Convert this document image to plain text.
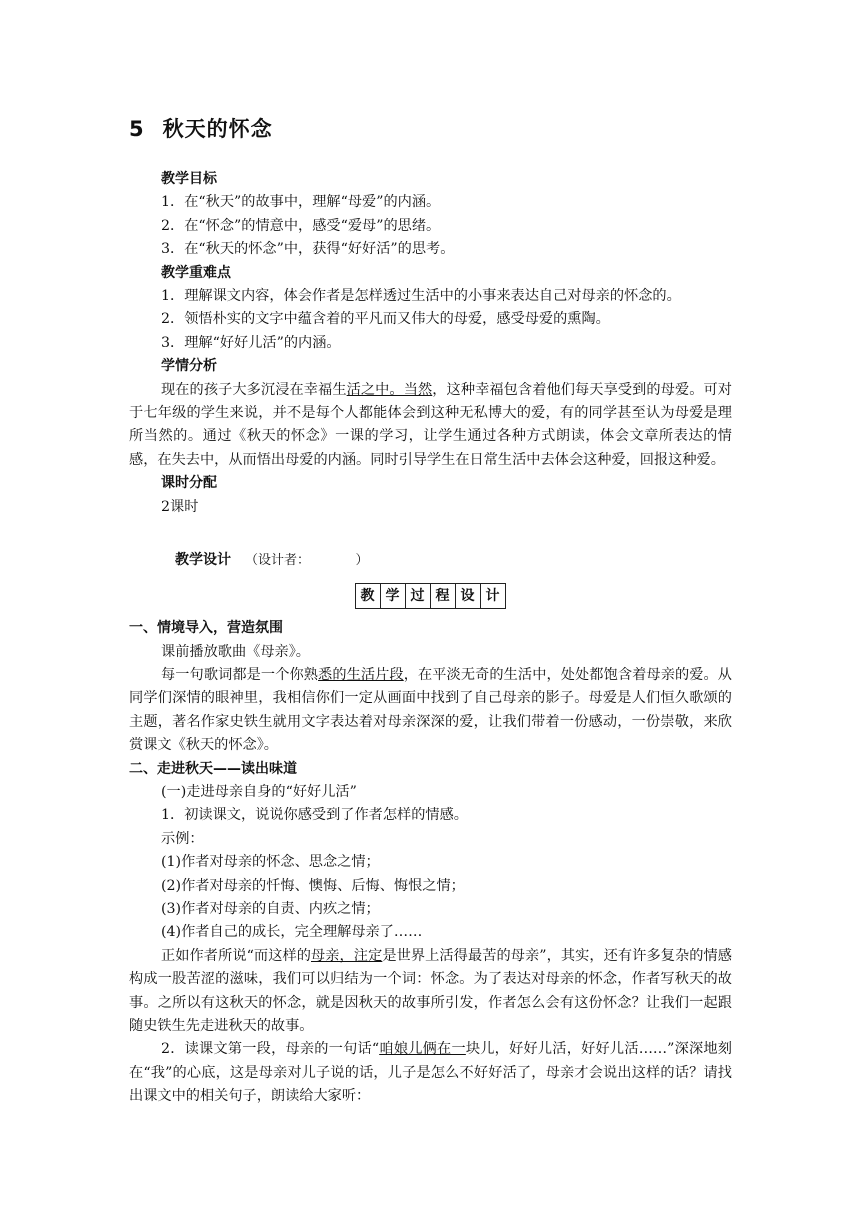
5 秋天的怀念

教学目标

1．在“秋天”的故事中，理解“母爱”的内涵。

2．在“怀念”的情意中，感受“爱母”的思绪。

3．在“秋天的怀念”中，获得“好好活”的思考。

教学重难点

1．理解课文内容，体会作者是怎样透过生活中的小事来表达自己对母亲的怀念的。

2．领悟朴实的文字中蕴含着的平凡而又伟大的母爱，感受母爱的熏陶。

3．理解“好好儿活”的内涵。

学情分析

现在的孩子大多沉浸在幸福生活之中。当然，这种幸福包含着他们每天享受到的母爱。可对于七年级的学生来说，并不是每个人都能体会到这种无私博大的爱，有的同学甚至认为母爱是理所当然的。通过《秋天的怀念》一课的学习，让学生通过各种方式朗读，体会文章所表达的情感，在失去中，从而悟出母爱的内涵。同时引导学生在日常生活中去体会这种爱，回报这种爱。

课时分配

2课时

教学设计 （设计者：　　　　）
教 学 过 程 设 计

一、情境导入，营造氛围

课前播放歌曲《母亲》。

每一句歌词都是一个你熟悉的生活片段，在平淡无奇的生活中，处处都饱含着母亲的爱。从同学们深情的眼神里，我相信你们一定从画面中找到了自己母亲的影子。母爱是人们恒久歌颂的主题，著名作家史铁生就用文字表达着对母亲深深的爱，让我们带着一份感动，一份崇敬，来欣赏课文《秋天的怀念》。

二、走进秋天——读出味道

(一)走进母亲自身的“好好儿活”

1．初读课文，说说你感受到了作者怎样的情感。

示例：

(1)作者对母亲的怀念、思念之情；

(2)作者对母亲的忏悔、懊悔、后悔、悔恨之情；

(3)作者对母亲的自责、内疚之情；

(4)作者自己的成长，完全理解母亲了……

正如作者所说“而这样的母亲，注定是世界上活得最苦的母亲”，其实，还有许多复杂的情感构成一股苦涩的滋味，我们可以归结为一个词：怀念。为了表达对母亲的怀念，作者写秋天的故事。之所以有这秋天的怀念，就是因秋天的故事所引发，作者怎么会有这份怀念？让我们一起跟随史铁生先走进秋天的故事。

2．读课文第一段，母亲的一句话“咱娘儿俩在一块儿，好好儿活，好好儿活……”深深地刻在“我”的心底，这是母亲对儿子说的话，儿子是怎么不好好活了，母亲才会说出这样的话？请找出课文中的相关句子，朗读给大家听：
